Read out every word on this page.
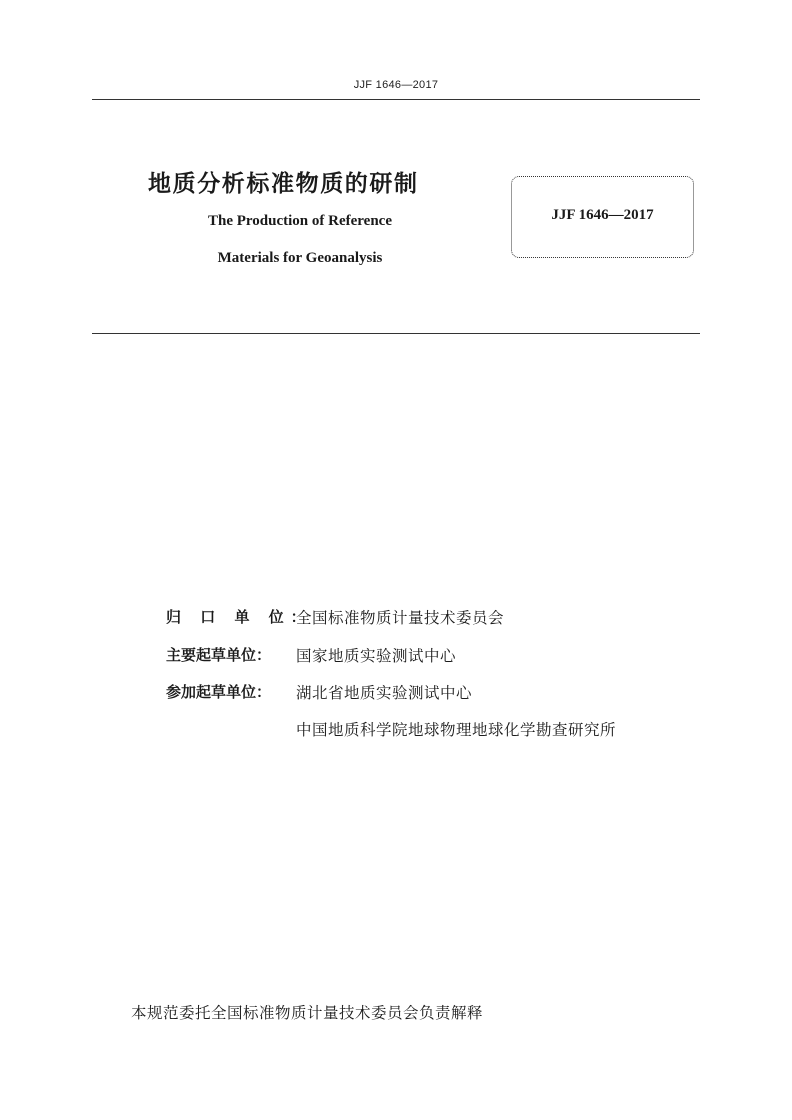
JJF 1646—2017
地质分析标准物质的研制
The Production of Reference
Materials for Geoanalysis
JJF 1646—2017
归 口 单 位：全国标准物质计量技术委员会
主要起草单位： 国家地质实验测试中心
参加起草单位： 湖北省地质实验测试中心
中国地质科学院地球物理地球化学勘查研究所
本规范委托全国标准物质计量技术委员会负责解释
